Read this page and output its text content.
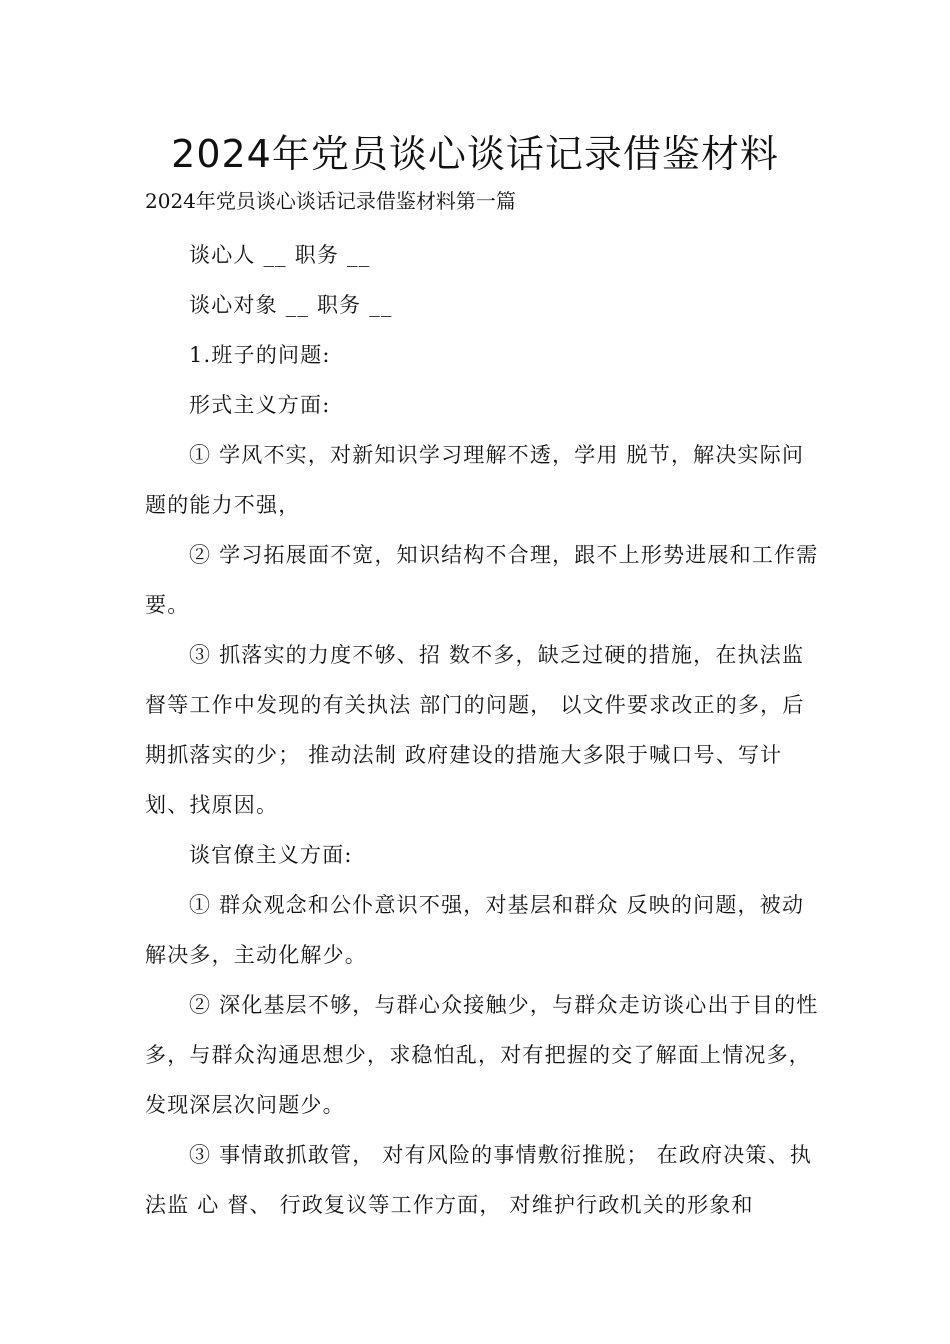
2024年党员谈心谈话记录借鉴材料

2024年党员谈心谈话记录借鉴材料第一篇

谈心人 __ 职务 __

谈心对象 __ 职务 __

1.班子的问题:

形式主义方面:

① 学风不实，对新知识学习理解不透，学用 脱节，解决实际问题的能力不强，

② 学习拓展面不宽，知识结构不合理，跟不上形势进展和工作需要。

③ 抓落实的力度不够、招 数不多，缺乏过硬的措施，在执法监督等工作中发现的有关执法 部门的问题， 以文件要求改正的多，后期抓落实的少； 推动法制 政府建设的措施大多限于喊口号、写计划、找原因。

谈官僚主义方面:

① 群众观念和公仆意识不强，对基层和群众 反映的问题，被动解决多，主动化解少。

② 深化基层不够，与群心众接触少，与群众走访谈心出于目的性多，与群众沟通思想少，求稳怕乱，对有把握的交了解面上情况多，发现深层次问题少。

③ 事情敢抓敢管， 对有风险的事情敷衍推脱； 在政府决策、执法监 心 督、 行政复议等工作方面， 对维护行政机关的形象和
